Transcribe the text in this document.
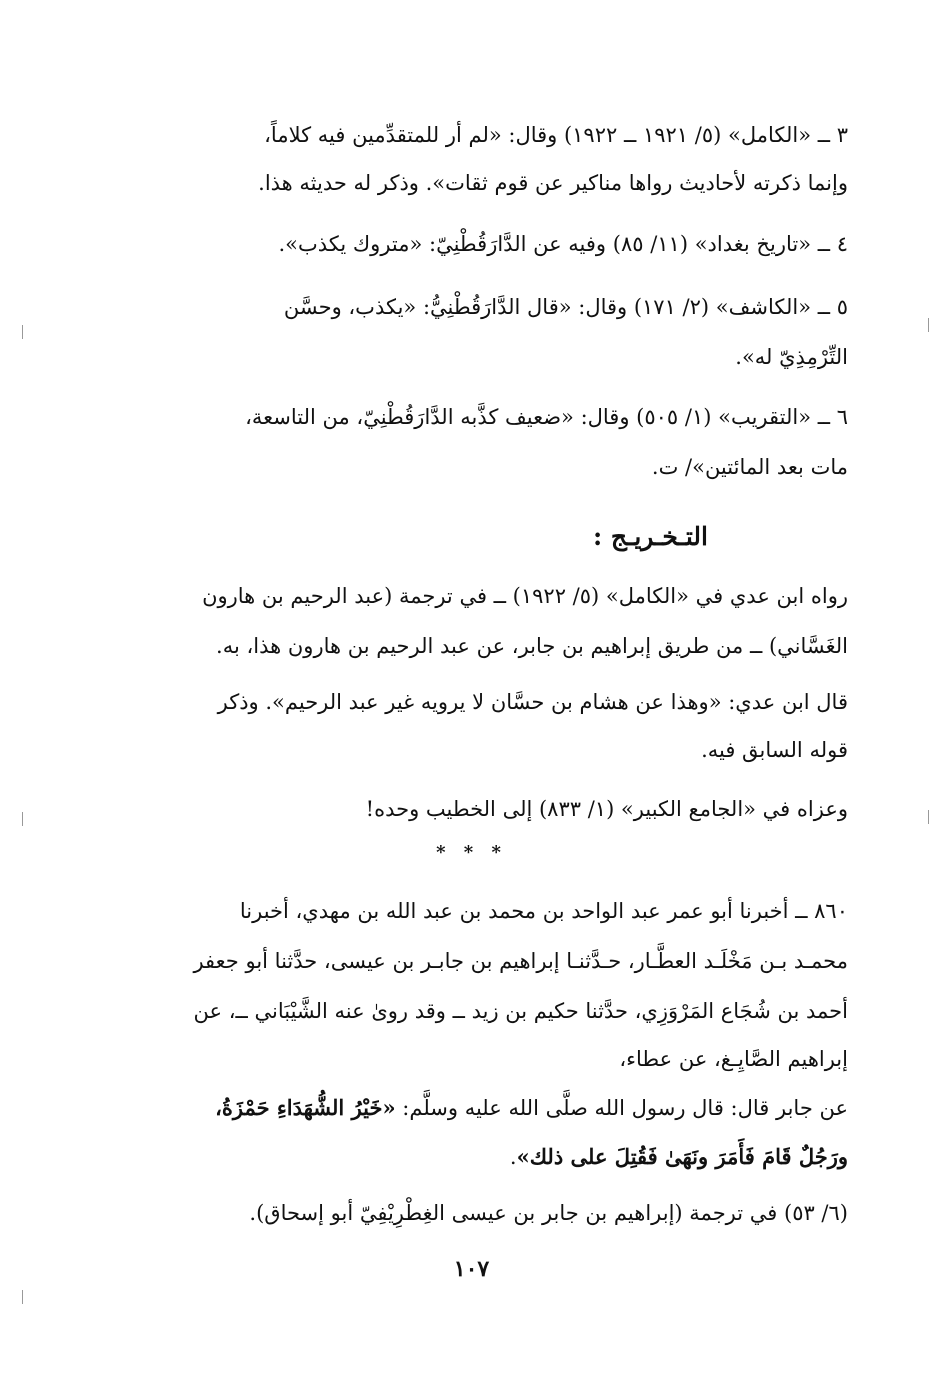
٣ ــ «الكامل» (٥/ ١٩٢١ ــ ١٩٢٢) وقال: «لم أر للمتقدِّمين فيه كلاماً،

وإنما ذكرته لأحاديث رواها مناكير عن قوم ثقات». وذكر له حديثه هذا.

٤ ــ «تاريخ بغداد» (١١/ ٨٥) وفيه عن الدَّارَقُطْنِيّ: «متروك يكذب».

٥ ــ «الكاشف» (٢/ ١٧١) وقال: «قال الدَّارَقُطْنِيُّ: «يكذب، وحسَّن

التِّرْمِذِيّ له».

٦ ــ «التقريب» (١/ ٥٠٥) وقال: «ضعيف كذَّبه الدَّارَقُطْنِيّ، من التاسعة،

مات بعد المائتين»/ ت.

التـخـريـج :

رواه ابن عدي في «الكامل» (٥/ ١٩٢٢) ــ في ترجمة (عبد الرحيم بن هارون

الغَسَّاني) ــ من طريق إبراهيم بن جابر، عن عبد الرحيم بن هارون هذا، به.

قال ابن عدي: «وهذا عن هشام بن حسَّان لا يرويه غير عبد الرحيم». وذكر

قوله السابق فيه.

وعزاه في «الجامع الكبير» (١/ ٨٣٣) إلى الخطيب وحده!

* * *

٨٦٠ ــ أخبرنا أبو عمر عبد الواحد بن محمد بن عبد الله بن مهدي، أخبرنا

محمـد بـن مَخْلَـد العطَّـار، حـدَّثنـا إبراهيم بن جابـر بن عيسى، حدَّثنا أبو جعفر

أحمد بن شُجَاع المَرْوَزِي، حدَّثنا حكيم بن زيد ــ وقد روىٰ عنه الشَّيْبَاني ــ، عن

إبراهيم الصَّايِـغ، عن عطاء،

عن جابر قال: قال رسول الله صلَّى الله عليه وسلَّم: «خَيْرُ الشُّهَدَاءِ حَمْزَةُ،

ورَجُلٌ قَامَ فَأَمَرَ ونَهَىٰ فَقُتِلَ على ذلك».

(٦/ ٥٣) في ترجمة (إبراهيم بن جابر بن عيسى الغِطْرِيْفِيّ أبو إسحاق).

١٠٧
